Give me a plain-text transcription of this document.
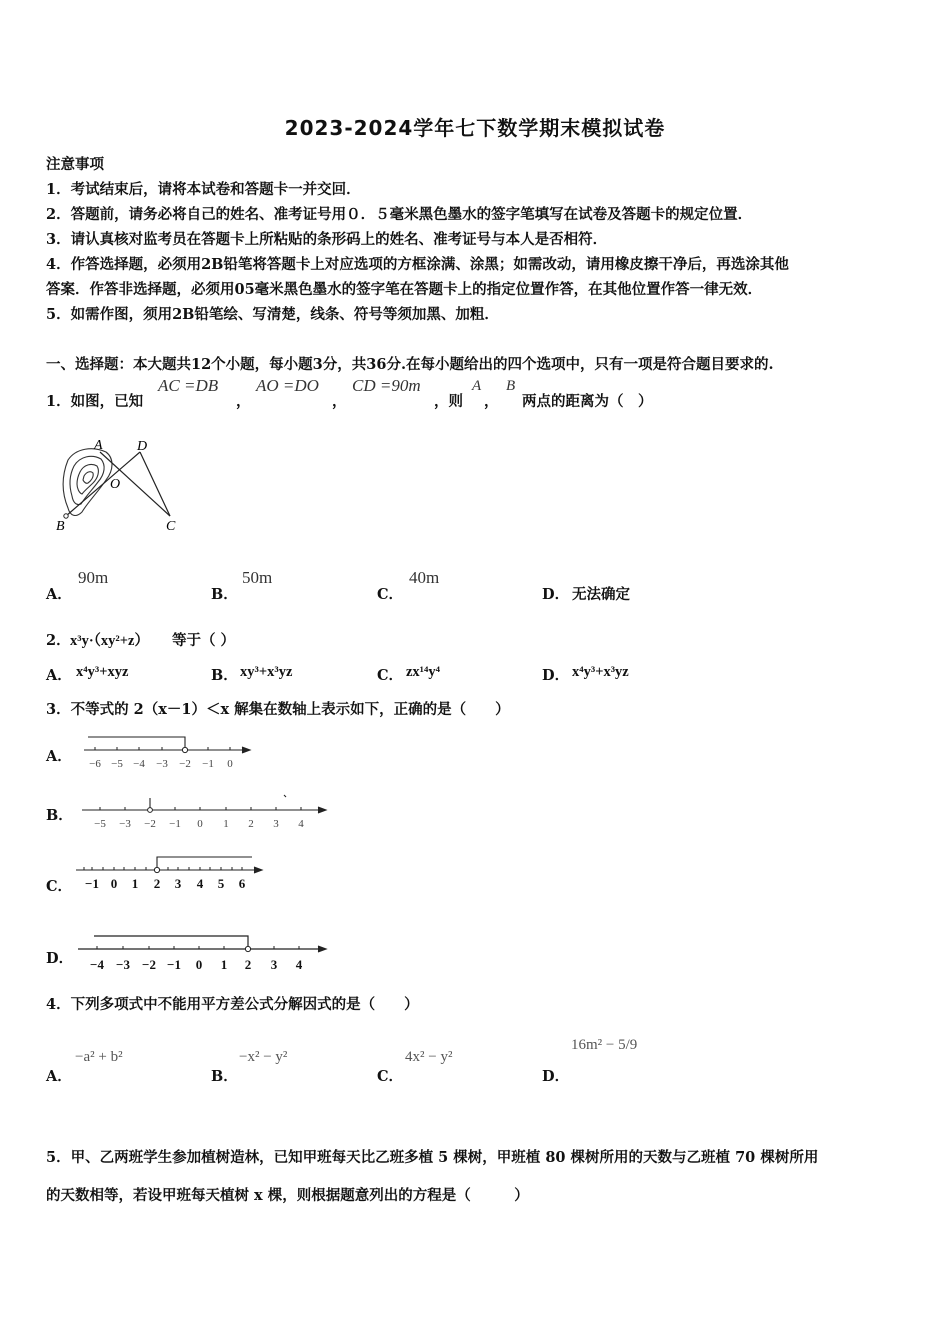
2023-2024学年七下数学期末模拟试卷
注意事项
1．考试结束后，请将本试卷和答题卡一并交回．
2．答题前，请务必将自己的姓名、准考证号用０．５毫米黑色墨水的签字笔填写在试卷及答题卡的规定位置．
3．请认真核对监考员在答题卡上所粘贴的条形码上的姓名、准考证号与本人是否相符．
4．作答选择题，必须用2B铅笔将答题卡上对应选项的方框涂满、涂黑；如需改动，请用橡皮擦干净后，再选涂其他
答案．作答非选择题，必须用05毫米黑色墨水的签字笔在答题卡上的指定位置作答，在其他位置作答一律无效．
5．如需作图，须用2B铅笔绘、写清楚，线条、符号等须加黑、加粗．
一、选择题：本大题共12个小题，每小题3分，共36分.在每小题给出的四个选项中，只有一项是符合题目要求的.
1．如图，已知
AC =DB
，
AO =DO
，
CD =90m
，则
A
，
B
两点的距离为（　）
A D
O
B	C
A．
90m
B．
50m
C．
40m
D． 无法确定
2． x³y·（xy²+z） 等于（ ）
A． x⁴y³+xyz	B． xy³+x³yz	C． zx¹⁴y⁴	D． x⁴y³+x³yz
3．不等式的 2（x－1）＜x 解集在数轴上表示如下，正确的是（　　）
A． −6 −5 −4 −3 −2 −1 0
B． −5 −3 −2 −1 0 1 2 3 4
C． −1 0 1 2 3 4 5 6
D． −4 −3 −2 −1 0 1 2 3 4
4．下列多项式中不能用平方差公式分解因式的是（　　）
A．
−a² + b²
B．
−x² − y²
C．
4x² − y²
D．
16m² − 5/9
5．甲、乙两班学生参加植树造林，已知甲班每天比乙班多植 5 棵树，甲班植 80 棵树所用的天数与乙班植 70 棵树所用
的天数相等，若设甲班每天植树 x 棵，则根据题意列出的方程是（　　　）
